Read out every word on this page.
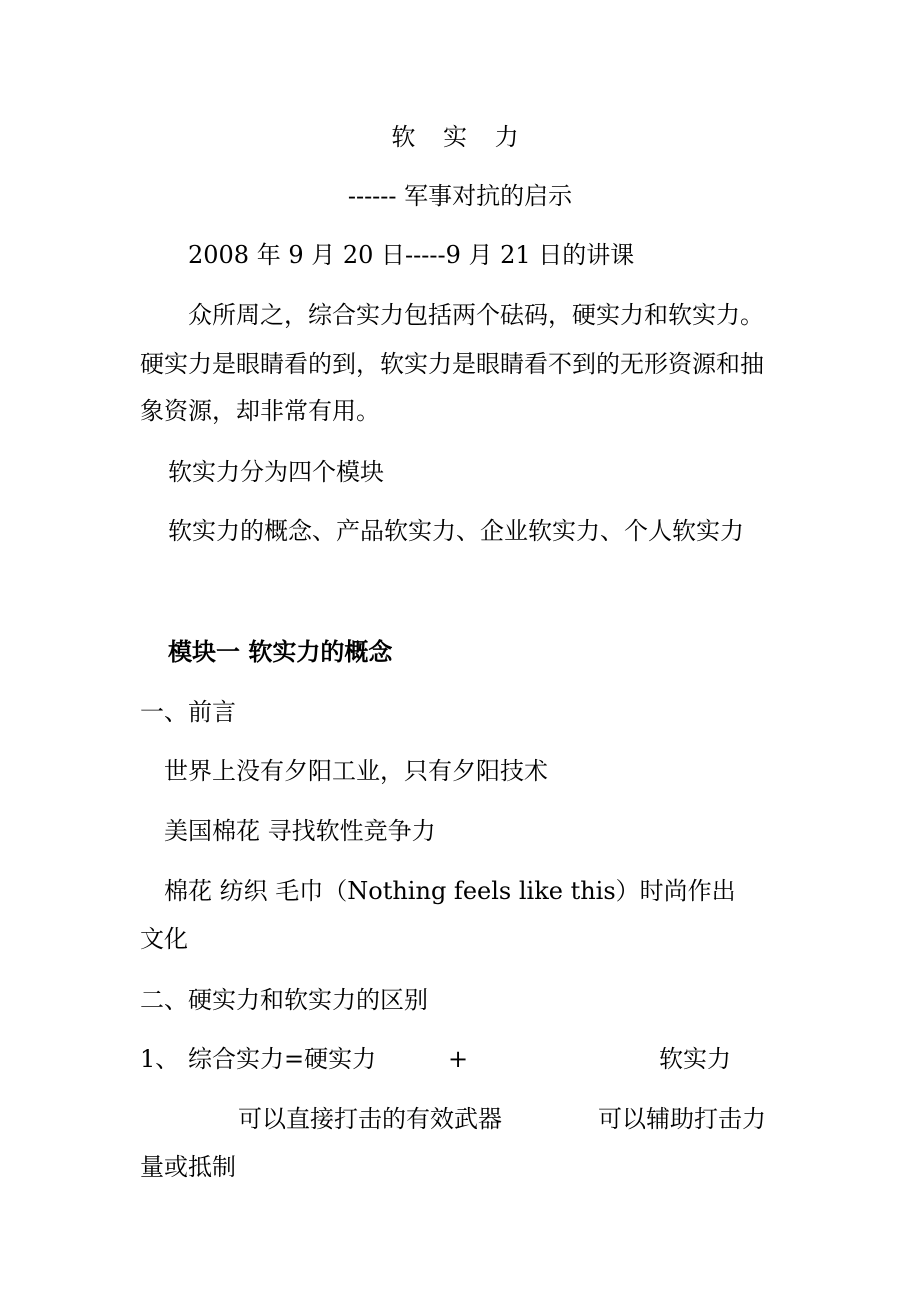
软 实 力
------ 军事对抗的启示
2008 年 9 月 20 日-----9 月 21 日的讲课
众所周之，综合实力包括两个砝码，硬实力和软实力。
硬实力是眼睛看的到，软实力是眼睛看不到的无形资源和抽
象资源，却非常有用。
软实力分为四个模块
软实力的概念、产品软实力、企业软实力、个人软实力
模块一 软实力的概念
一、前言
世界上没有夕阳工业，只有夕阳技术
美国棉花 寻找软性竞争力
棉花 纺织 毛巾（Nothing feels like this）时尚作出
文化
二、硬实力和软实力的区别
1、 综合实力=硬实力	+	软实力
可以直接打击的有效武器	可以辅助打击力
量或抵制
